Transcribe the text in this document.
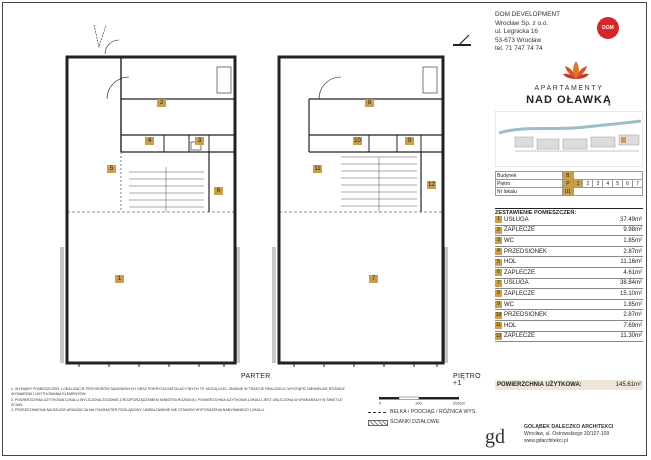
2
4	3
5
6
1
8
10	9
11
12
7
PARTER	PIĘTRO +1
DOM DEVELOPMENT
Wrocław Sp. z o.o.
ul. Legnicka 16
53-673 Wrocław
tel. 71 747 74 74
DOM
APARTAMENTY
NAD OŁAWKĄ
Budynek	B							
Piętro	P	1	2	3	4	5	6	7
Nr lokalu	U1							
ZESTAWIENIE POMIESZCZEŃ:
1	USŁUGA	37.49m²

2	ZAPLECZE	9.98m²

3	WC	1.85m²

4	PRZEDSIONEK	2.87m²

5	HOL	11.16m²

6	ZAPLECZE	4.61m²

7	USŁUGA	38.84m²

8	ZAPLECZE	15.10m²

9	WC	1.85m²

10	PRZEDSIONEK	2.87m²

11	HOL	7.69m²

12	ZAPLECZE	11.30m²
POWIERZCHNIA UŻYTKOWA:	145.61m²
1. WYMIARY POMIESZCZEŃ, LOKALIZACJE PRZYBORÓW SANITARNYCH ORAZ POKRYCIA INSTALACYJNYCH TP. MOGĄ ULEC ZMIANIE W TRAKCIE REALIZACJI. WYSTĄPIĆ NIEWIELKIE RÓŻNICE WYMIARÓW I USYTUOWANIA ELEMENTÓW.
2. POWIERZCHNIA UŻYTKOWA LOKALU WYLICZONA ZGODNIE Z ROZPORZĄDZENIEM MINISTRA ROZWOJU; POWIERZCHNIA UŻYTKOWA LOKALU JEST OBLICZONA W WYMIARACH W ŚWIETLE ŚCIAN.
3. PRZEDSTAWIONA NA RZUCIE ARANŻACJA MA CHARAKTER POGLĄDOWY, UMEBLOWANIE NIE STANOWI WYPOSAŻENIA NABYWANEGO LOKALU.
0	100	200cm
BELKA / PODCIĄG / RÓŻNICA WYS.
ŚCIANKI DZIAŁOWE
gd	GOLĄBEK DALECZKO ARCHITEKCI
Wrocław, ul. Ostrowskiego 30/107-109
www.gdarchitekci.pl
